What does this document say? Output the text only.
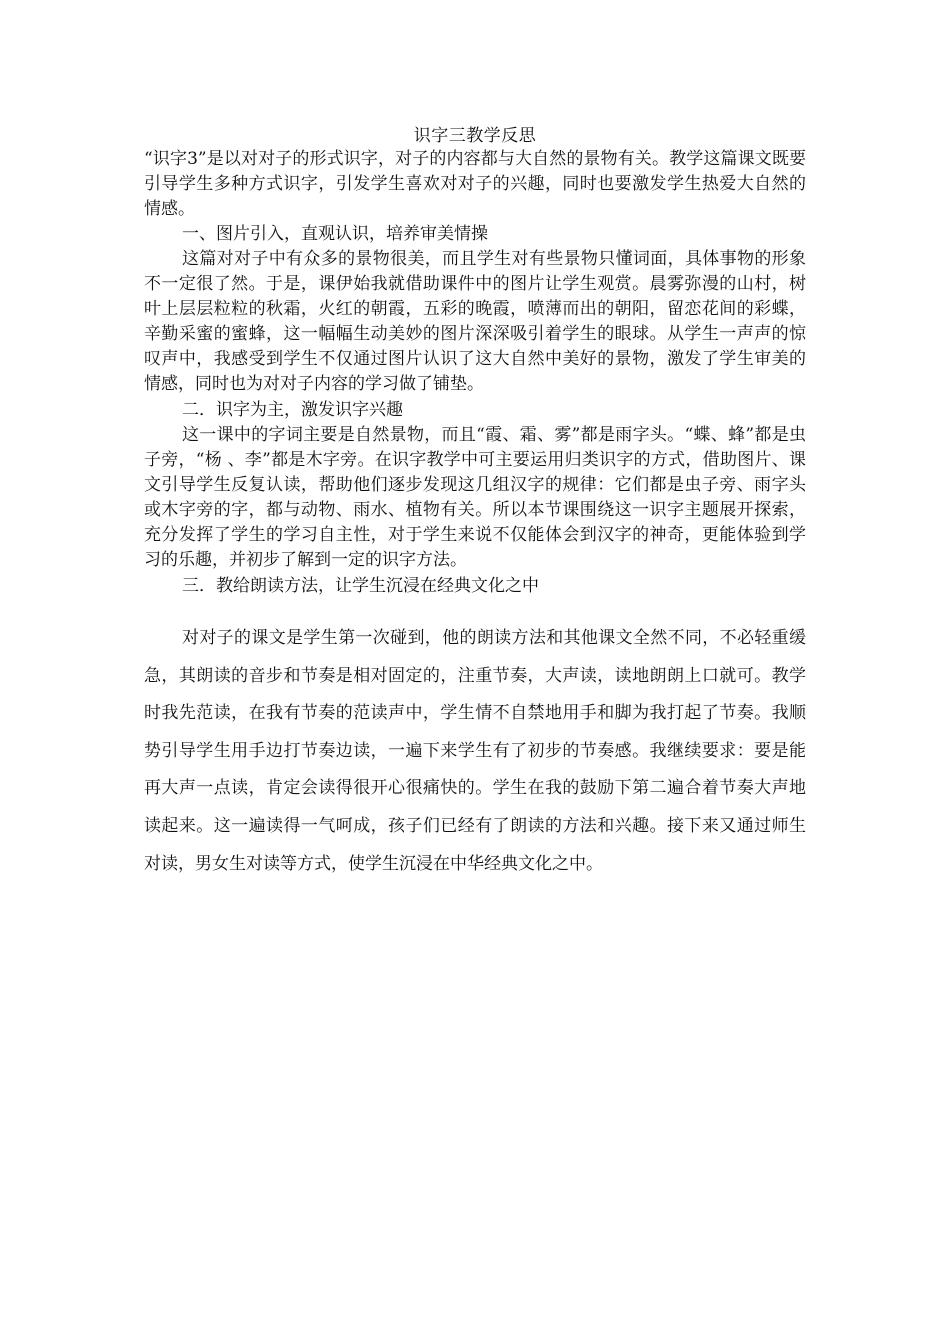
识字三教学反思
“识字3”是以对对子的形式识字，对子的内容都与大自然的景物有关。教学这篇课文既要引导学生多种方式识字，引发学生喜欢对对子的兴趣，同时也要激发学生热爱大自然的情感。
一、图片引入，直观认识，培养审美情操
这篇对对子中有众多的景物很美，而且学生对有些景物只懂词面，具体事物的形象不一定很了然。于是，课伊始我就借助课件中的图片让学生观赏。晨雾弥漫的山村，树叶上层层粒粒的秋霜，火红的朝霞，五彩的晚霞，喷薄而出的朝阳，留恋花间的彩蝶，辛勤采蜜的蜜蜂，这一幅幅生动美妙的图片深深吸引着学生的眼球。从学生一声声的惊叹声中，我感受到学生不仅通过图片认识了这大自然中美好的景物，激发了学生审美的情感，同时也为对对子内容的学习做了铺垫。
二．识字为主，激发识字兴趣
这一课中的字词主要是自然景物，而且“霞、霜、雾”都是雨字头。“蝶、蜂”都是虫子旁，“杨 、李”都是木字旁。在识字教学中可主要运用归类识字的方式，借助图片、课文引导学生反复认读，帮助他们逐步发现这几组汉字的规律：它们都是虫子旁、雨字头或木字旁的字，都与动物、雨水、植物有关。所以本节课围绕这一识字主题展开探索，充分发挥了学生的学习自主性，对于学生来说不仅能体会到汉字的神奇，更能体验到学习的乐趣，并初步了解到一定的识字方法。
三．教给朗读方法，让学生沉浸在经典文化之中
对对子的课文是学生第一次碰到，他的朗读方法和其他课文全然不同，不必轻重缓急，其朗读的音步和节奏是相对固定的，注重节奏，大声读，读地朗朗上口就可。教学时我先范读，在我有节奏的范读声中，学生情不自禁地用手和脚为我打起了节奏。我顺势引导学生用手边打节奏边读，一遍下来学生有了初步的节奏感。我继续要求：要是能再大声一点读，肯定会读得很开心很痛快的。学生在我的鼓励下第二遍合着节奏大声地读起来。这一遍读得一气呵成，孩子们已经有了朗读的方法和兴趣。接下来又通过师生对读，男女生对读等方式，使学生沉浸在中华经典文化之中。
